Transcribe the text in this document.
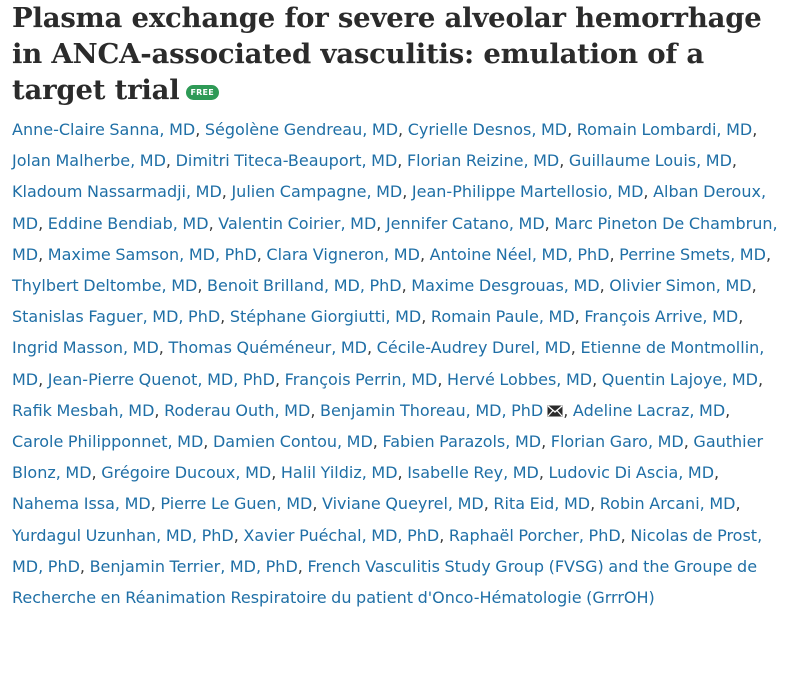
Plasma exchange for severe alveolar hemorrhage in ANCA-associated vasculitis: emulation of a target trial FREE
Anne-Claire Sanna, MD, Ségolène Gendreau, MD, Cyrielle Desnos, MD, Romain Lombardi, MD, Jolan Malherbe, MD, Dimitri Titeca-Beauport, MD, Florian Reizine, MD, Guillaume Louis, MD, Kladoum Nassarmadji, MD, Julien Campagne, MD, Jean-Philippe Martellosio, MD, Alban Deroux, MD, Eddine Bendiab, MD, Valentin Coirier, MD, Jennifer Catano, MD, Marc Pineton De Chambrun, MD, Maxime Samson, MD, PhD, Clara Vigneron, MD, Antoine Néel, MD, PhD, Perrine Smets, MD, Thylbert Deltombe, MD, Benoit Brilland, MD, PhD, Maxime Desgrouas, MD, Olivier Simon, MD, Stanislas Faguer, MD, PhD, Stéphane Giorgiutti, MD, Romain Paule, MD, François Arrive, MD, Ingrid Masson, MD, Thomas Quéméneur, MD, Cécile-Audrey Durel, MD, Etienne de Montmollin, MD, Jean-Pierre Quenot, MD, PhD, François Perrin, MD, Hervé Lobbes, MD, Quentin Lajoye, MD, Rafik Mesbah, MD, Roderau Outh, MD, Benjamin Thoreau, MD, PhD , Adeline Lacraz, MD, Carole Philipponnet, MD, Damien Contou, MD, Fabien Parazols, MD, Florian Garo, MD, Gauthier Blonz, MD, Grégoire Ducoux, MD, Halil Yildiz, MD, Isabelle Rey, MD, Ludovic Di Ascia, MD, Nahema Issa, MD, Pierre Le Guen, MD, Viviane Queyrel, MD, Rita Eid, MD, Robin Arcani, MD, Yurdagul Uzunhan, MD, PhD, Xavier Puéchal, MD, PhD, Raphaël Porcher, PhD, Nicolas de Prost, MD, PhD, Benjamin Terrier, MD, PhD, French Vasculitis Study Group (FVSG) and the Groupe de Recherche en Réanimation Respiratoire du patient d'Onco-Hématologie (GrrrOH)
